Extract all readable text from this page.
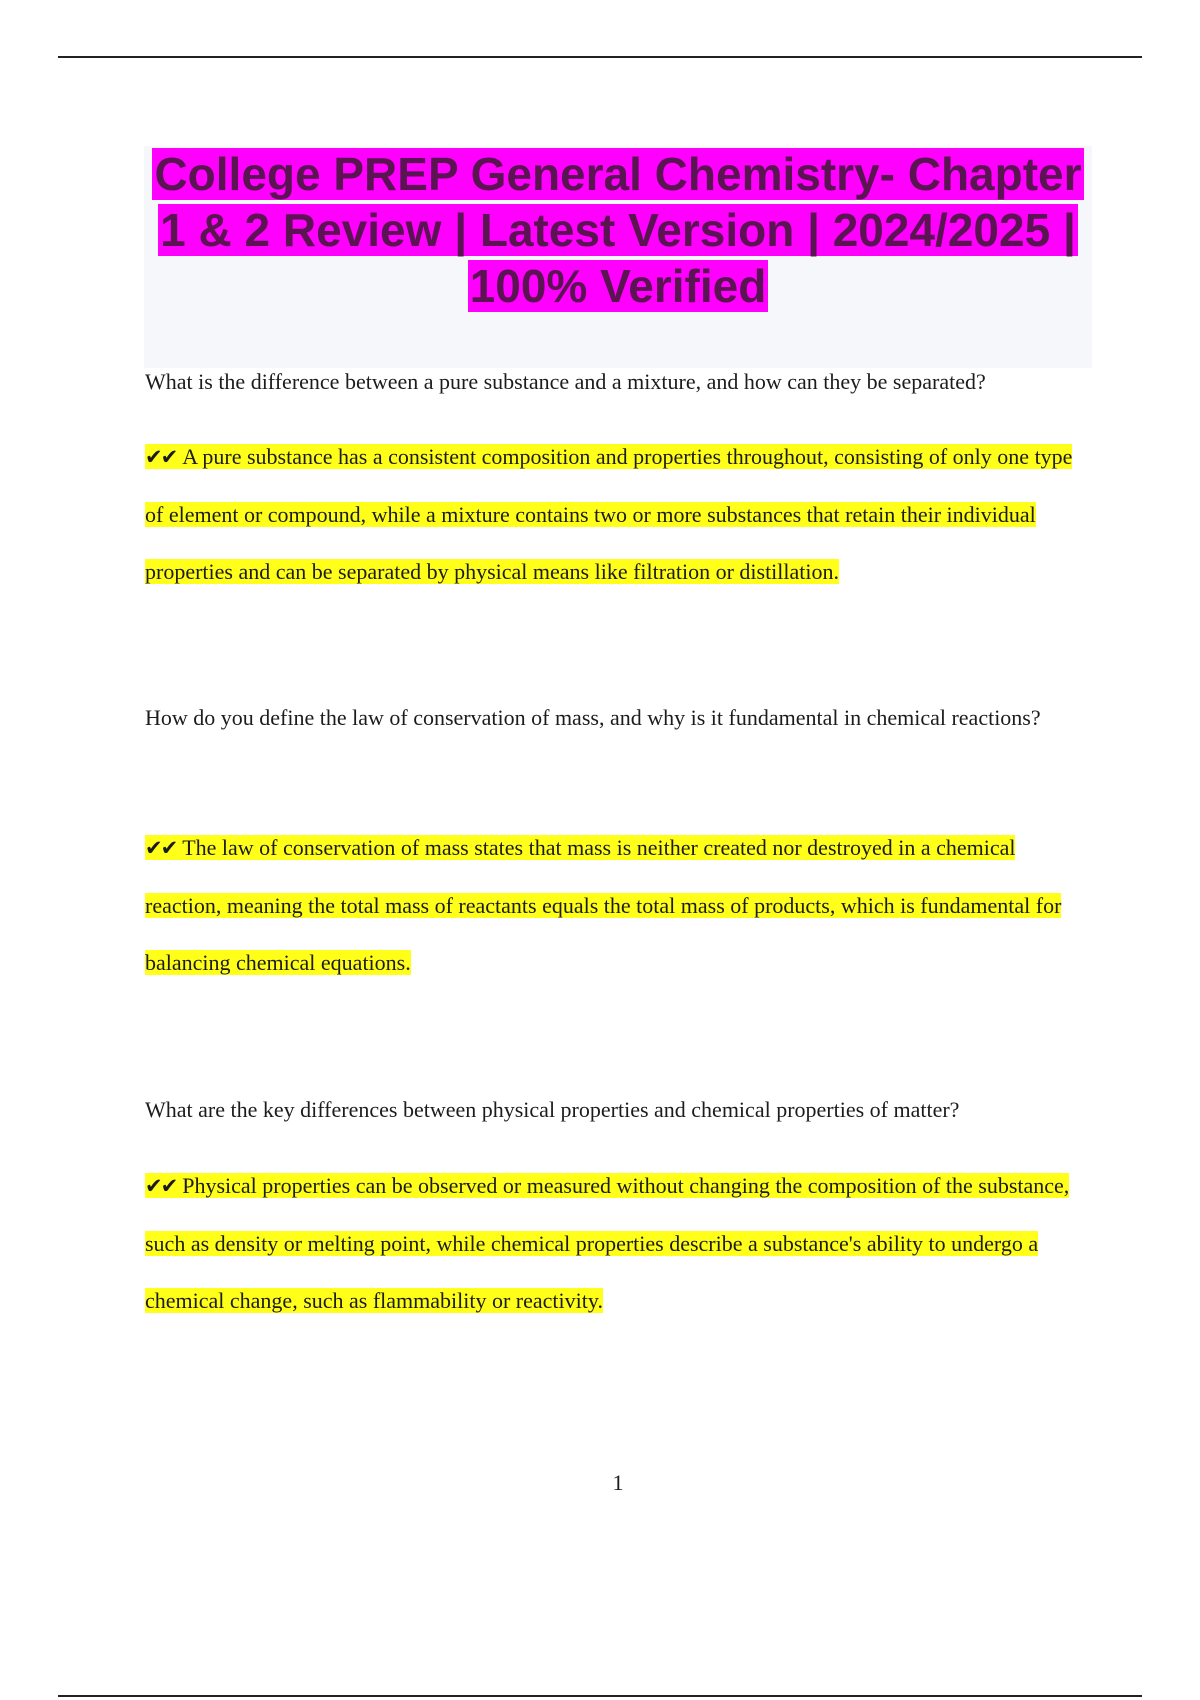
College PREP General Chemistry- Chapter 1 & 2 Review | Latest Version | 2024/2025 | 100% Verified

What is the difference between a pure substance and a mixture, and how can they be separated?

✔✔ A pure substance has a consistent composition and properties throughout, consisting of only one type of element or compound, while a mixture contains two or more substances that retain their individual properties and can be separated by physical means like filtration or distillation.

How do you define the law of conservation of mass, and why is it fundamental in chemical reactions?

✔✔ The law of conservation of mass states that mass is neither created nor destroyed in a chemical reaction, meaning the total mass of reactants equals the total mass of products, which is fundamental for balancing chemical equations.

What are the key differences between physical properties and chemical properties of matter?

✔✔ Physical properties can be observed or measured without changing the composition of the substance, such as density or melting point, while chemical properties describe a substance's ability to undergo a chemical change, such as flammability or reactivity.

1
